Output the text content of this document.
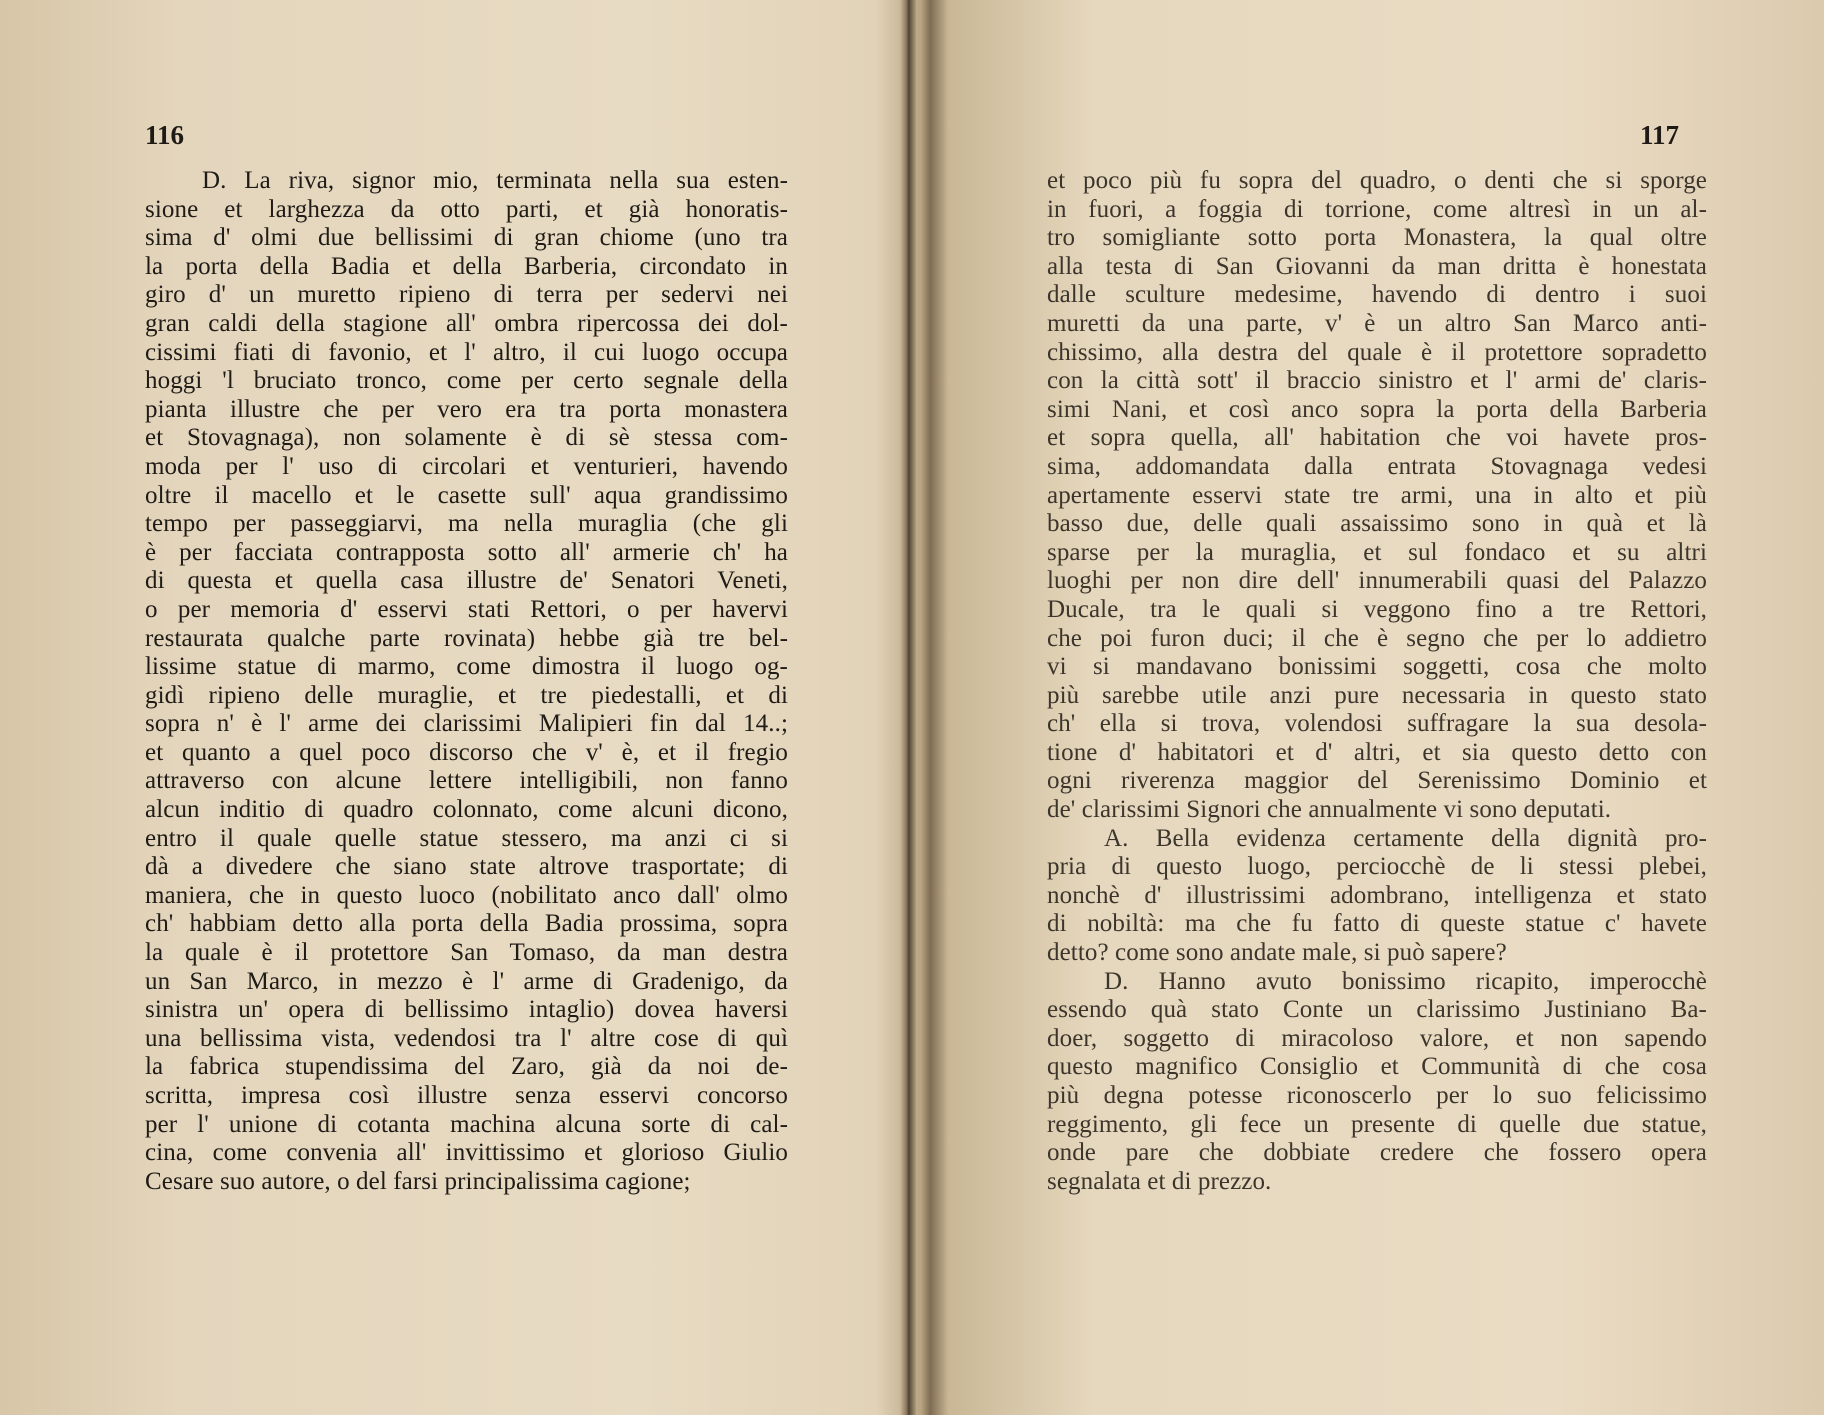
116
D. La riva, signor mio, terminata nella sua esten-
sione et larghezza da otto parti, et già honoratis-
sima d' olmi due bellissimi di gran chiome (uno tra
la porta della Badia et della Barberia, circondato in
giro d' un muretto ripieno di terra per sedervi nei
gran caldi della stagione all' ombra ripercossa dei dol-
cissimi fiati di favonio, et l' altro, il cui luogo occupa
hoggi 'l bruciato tronco, come per certo segnale della
pianta illustre che per vero era tra porta monastera
et Stovagnaga), non solamente è di sè stessa com-
moda per l' uso di circolari et venturieri, havendo
oltre il macello et le casette sull' aqua grandissimo
tempo per passeggiarvi, ma nella muraglia (che gli
è per facciata contrapposta sotto all' armerie ch' ha
di questa et quella casa illustre de' Senatori Veneti,
o per memoria d' esservi stati Rettori, o per havervi
restaurata qualche parte rovinata) hebbe già tre bel-
lissime statue di marmo, come dimostra il luogo og-
gidì ripieno delle muraglie, et tre piedestalli, et di
sopra n' è l' arme dei clarissimi Malipieri fin dal 14..;
et quanto a quel poco discorso che v' è, et il fregio
attraverso con alcune lettere intelligibili, non fanno
alcun inditio di quadro colonnato, come alcuni dicono,
entro il quale quelle statue stessero, ma anzi ci si
dà a divedere che siano state altrove trasportate; di
maniera, che in questo luoco (nobilitato anco dall' olmo
ch' habbiam detto alla porta della Badia prossima, sopra
la quale è il protettore San Tomaso, da man destra
un San Marco, in mezzo è l' arme di Gradenigo, da
sinistra un' opera di bellissimo intaglio) dovea haversi
una bellissima vista, vedendosi tra l' altre cose di quì
la fabrica stupendissima del Zaro, già da noi de-
scritta, impresa così illustre senza esservi concorso
per l' unione di cotanta machina alcuna sorte di cal-
cina, come convenia all' invittissimo et glorioso Giulio
Cesare suo autore, o del farsi principalissima cagione;
117
et poco più fu sopra del quadro, o denti che si sporge
in fuori, a foggia di torrione, come altresì in un al-
tro somigliante sotto porta Monastera, la qual oltre
alla testa di San Giovanni da man dritta è honestata
dalle sculture medesime, havendo di dentro i suoi
muretti da una parte, v' è un altro San Marco anti-
chissimo, alla destra del quale è il protettore sopradetto
con la città sott' il braccio sinistro et l' armi de' claris-
simi Nani, et così anco sopra la porta della Barberia
et sopra quella, all' habitation che voi havete pros-
sima, addomandata dalla entrata Stovagnaga vedesi
apertamente esservi state tre armi, una in alto et più
basso due, delle quali assaissimo sono in quà et là
sparse per la muraglia, et sul fondaco et su altri
luoghi per non dire dell' innumerabili quasi del Palazzo
Ducale, tra le quali si veggono fino a tre Rettori,
che poi furon duci; il che è segno che per lo addietro
vi si mandavano bonissimi soggetti, cosa che molto
più sarebbe utile anzi pure necessaria in questo stato
ch' ella si trova, volendosi suffragare la sua desola-
tione d' habitatori et d' altri, et sia questo detto con
ogni riverenza maggior del Serenissimo Dominio et
de' clarissimi Signori che annualmente vi sono deputati.
A. Bella evidenza certamente della dignità pro-
pria di questo luogo, perciocchè de li stessi plebei,
nonchè d' illustrissimi adombrano, intelligenza et stato
di nobiltà: ma che fu fatto di queste statue c' havete
detto? come sono andate male, si può sapere?
D. Hanno avuto bonissimo ricapito, imperocchè
essendo quà stato Conte un clarissimo Justiniano Ba-
doer, soggetto di miracoloso valore, et non sapendo
questo magnifico Consiglio et Communità di che cosa
più degna potesse riconoscerlo per lo suo felicissimo
reggimento, gli fece un presente di quelle due statue,
onde pare che dobbiate credere che fossero opera
segnalata et di prezzo.
